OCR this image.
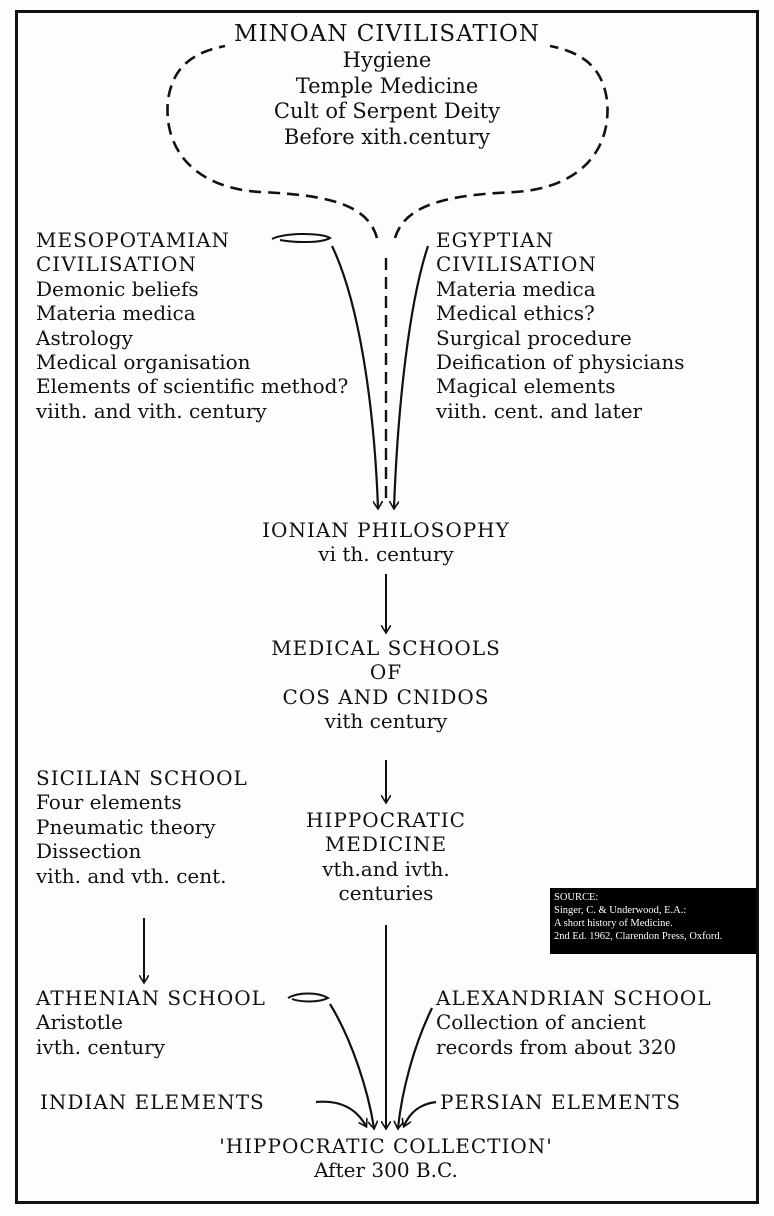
MINOAN CIVILISATION
Hygiene
Temple Medicine
Cult of Serpent Deity
Before xith.century
MESOPOTAMIAN
CIVILISATION
Demonic beliefs
Materia medica
Astrology
Medical organisation
Elements of scientific method?
viith. and vith. century
EGYPTIAN
CIVILISATION
Materia medica
Medical ethics?
Surgical procedure
Deification of physicians
Magical elements
viith. cent. and later
IONIAN PHILOSOPHY
vi th. century
MEDICAL SCHOOLS
OF
COS AND CNIDOS
vith century
SICILIAN SCHOOL
Four elements
Pneumatic theory
Dissection
vith. and vth. cent.
HIPPOCRATIC
MEDICINE
vth.and ivth.
centuries	SOURCE:
Singer, C. & Underwood, E.A.:
A short history of Medicine.
2nd Ed. 1962, Clarendon Press, Oxford.
ATHENIAN SCHOOL
Aristotle
ivth. century
ALEXANDRIAN SCHOOL
Collection of ancient
records from about 320
INDIAN ELEMENTS	PERSIAN ELEMENTS
'HIPPOCRATIC COLLECTION'
After 300 B.C.
